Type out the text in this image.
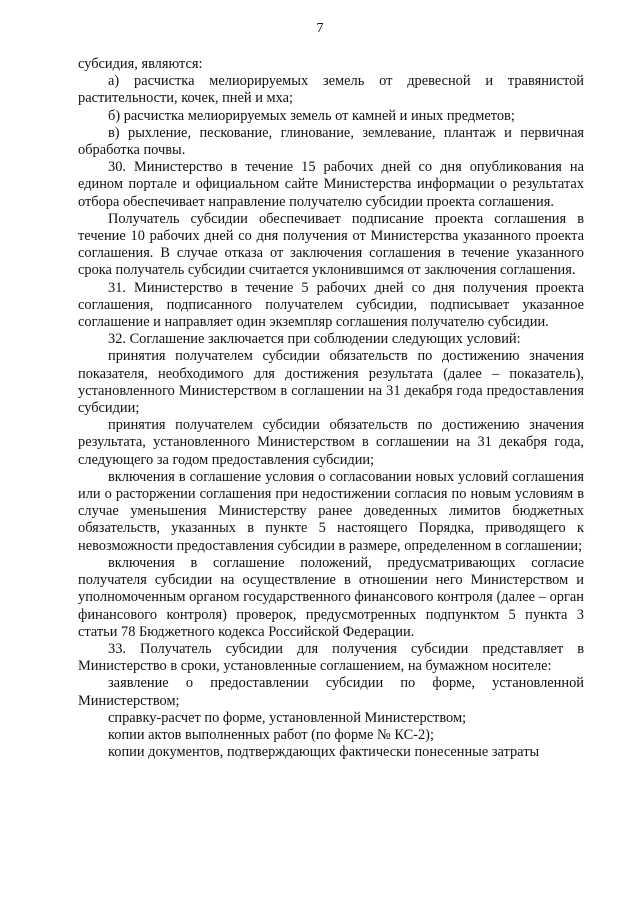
7

субсидия, являются:

а) расчистка мелиорируемых земель от древесной и травянистой растительности, кочек, пней и мха;

б) расчистка мелиорируемых земель от камней и иных предметов;

в) рыхление, пескование, глинование, землевание, плантаж и первичная обработка почвы.

30. Министерство в течение 15 рабочих дней со дня опубликования на едином портале и официальном сайте Министерства информации о результатах отбора обеспечивает направление получателю субсидии проекта соглашения.

Получатель субсидии обеспечивает подписание проекта соглашения в течение 10 рабочих дней со дня получения от Министерства указанного проекта соглашения. В случае отказа от заключения соглашения в течение указанного срока получатель субсидии считается уклонившимся от заключения соглашения.

31. Министерство в течение 5 рабочих дней со дня получения проекта соглашения, подписанного получателем субсидии, подписывает указанное соглашение и направляет один экземпляр соглашения получателю субсидии.

32. Соглашение заключается при соблюдении следующих условий:

принятия получателем субсидии обязательств по достижению значения показателя, необходимого для достижения результата (далее – показатель), установленного Министерством в соглашении на 31 декабря года предоставления субсидии;

принятия получателем субсидии обязательств по достижению значения результата, установленного Министерством в соглашении на 31 декабря года, следующего за годом предоставления субсидии;

включения в соглашение условия о согласовании новых условий соглашения или о расторжении соглашения при недостижении согласия по новым условиям в случае уменьшения Министерству ранее доведенных лимитов бюджетных обязательств, указанных в пункте 5 настоящего Порядка, приводящего к невозможности предоставления субсидии в размере, определенном в соглашении;

включения в соглашение положений, предусматривающих согласие получателя субсидии на осуществление в отношении него Министерством и уполномоченным органом государственного финансового контроля (далее – орган финансового контроля) проверок, предусмотренных подпунктом 5 пункта 3 статьи 78 Бюджетного кодекса Российской Федерации.

33. Получатель субсидии для получения субсидии представляет в Министерство в сроки, установленные соглашением, на бумажном носителе:

заявление о предоставлении субсидии по форме, установленной Министерством;

справку-расчет по форме, установленной Министерством;

копии актов выполненных работ (по форме № КС-2);

копии документов, подтверждающих фактически понесенные затраты
